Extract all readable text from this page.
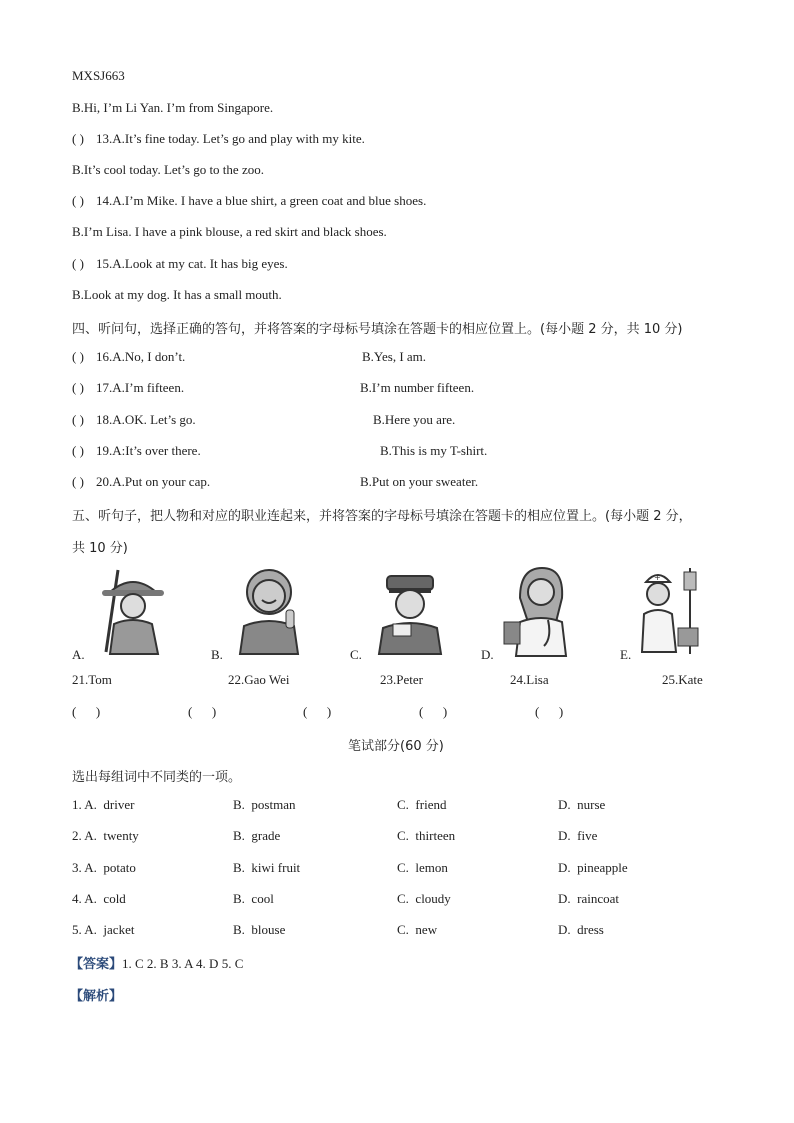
MXSJ663
B.Hi, I’m Li Yan. I’m from Singapore.
( ) 13.A.It’s fine today. Let’s go and play with my kite.
B.It’s cool today. Let’s go to the zoo.
( ) 14.A.I’m Mike. I have a blue shirt, a green coat and blue shoes.
B.I’m Lisa. I have a pink blouse, a red skirt and black shoes.
( ) 15.A.Look at my cat. It has big eyes.
B.Look at my dog. It has a small mouth.
四、听问句，选择正确的答句，并将答案的字母标号填涂在答题卡的相应位置上。(每小题 2 分，共 10 分)
( ) 16.A.No, I don’t.	B.Yes, I am.
( ) 17.A.I’m fifteen.	B.I’m number fifteen.
( ) 18.A.OK. Let’s go.	B.Here you are.
( ) 19.A:It’s over there.	B.This is my T-shirt.
( ) 20.A.Put on your cap.	B.Put on your sweater.
五、听句子，把人物和对应的职业连起来，并将答案的字母标号填涂在答题卡的相应位置上。(每小题 2 分，
共 10 分)
+
A.	B.	C.	D.	E.
21.Tom	22.Gao Wei	23.Peter	24.Lisa	25.Kate
(      )	(      )	(      )	(      )	(      )
笔试部分(60 分)
选出每组词中不同类的一项。
1. A.  driver	B.  postman	C.  friend	D.  nurse
2. A.  twenty	B.  grade	C.  thirteen	D.  five
3. A.  potato	B.  kiwi fruit	C.  lemon	D.  pineapple
4. A.  cold	B.  cool	C.  cloudy	D.  raincoat
5. A.  jacket	B.  blouse	C.  new	D.  dress
【答案】1. C 2. B 3. A 4. D 5. C
【解析】
